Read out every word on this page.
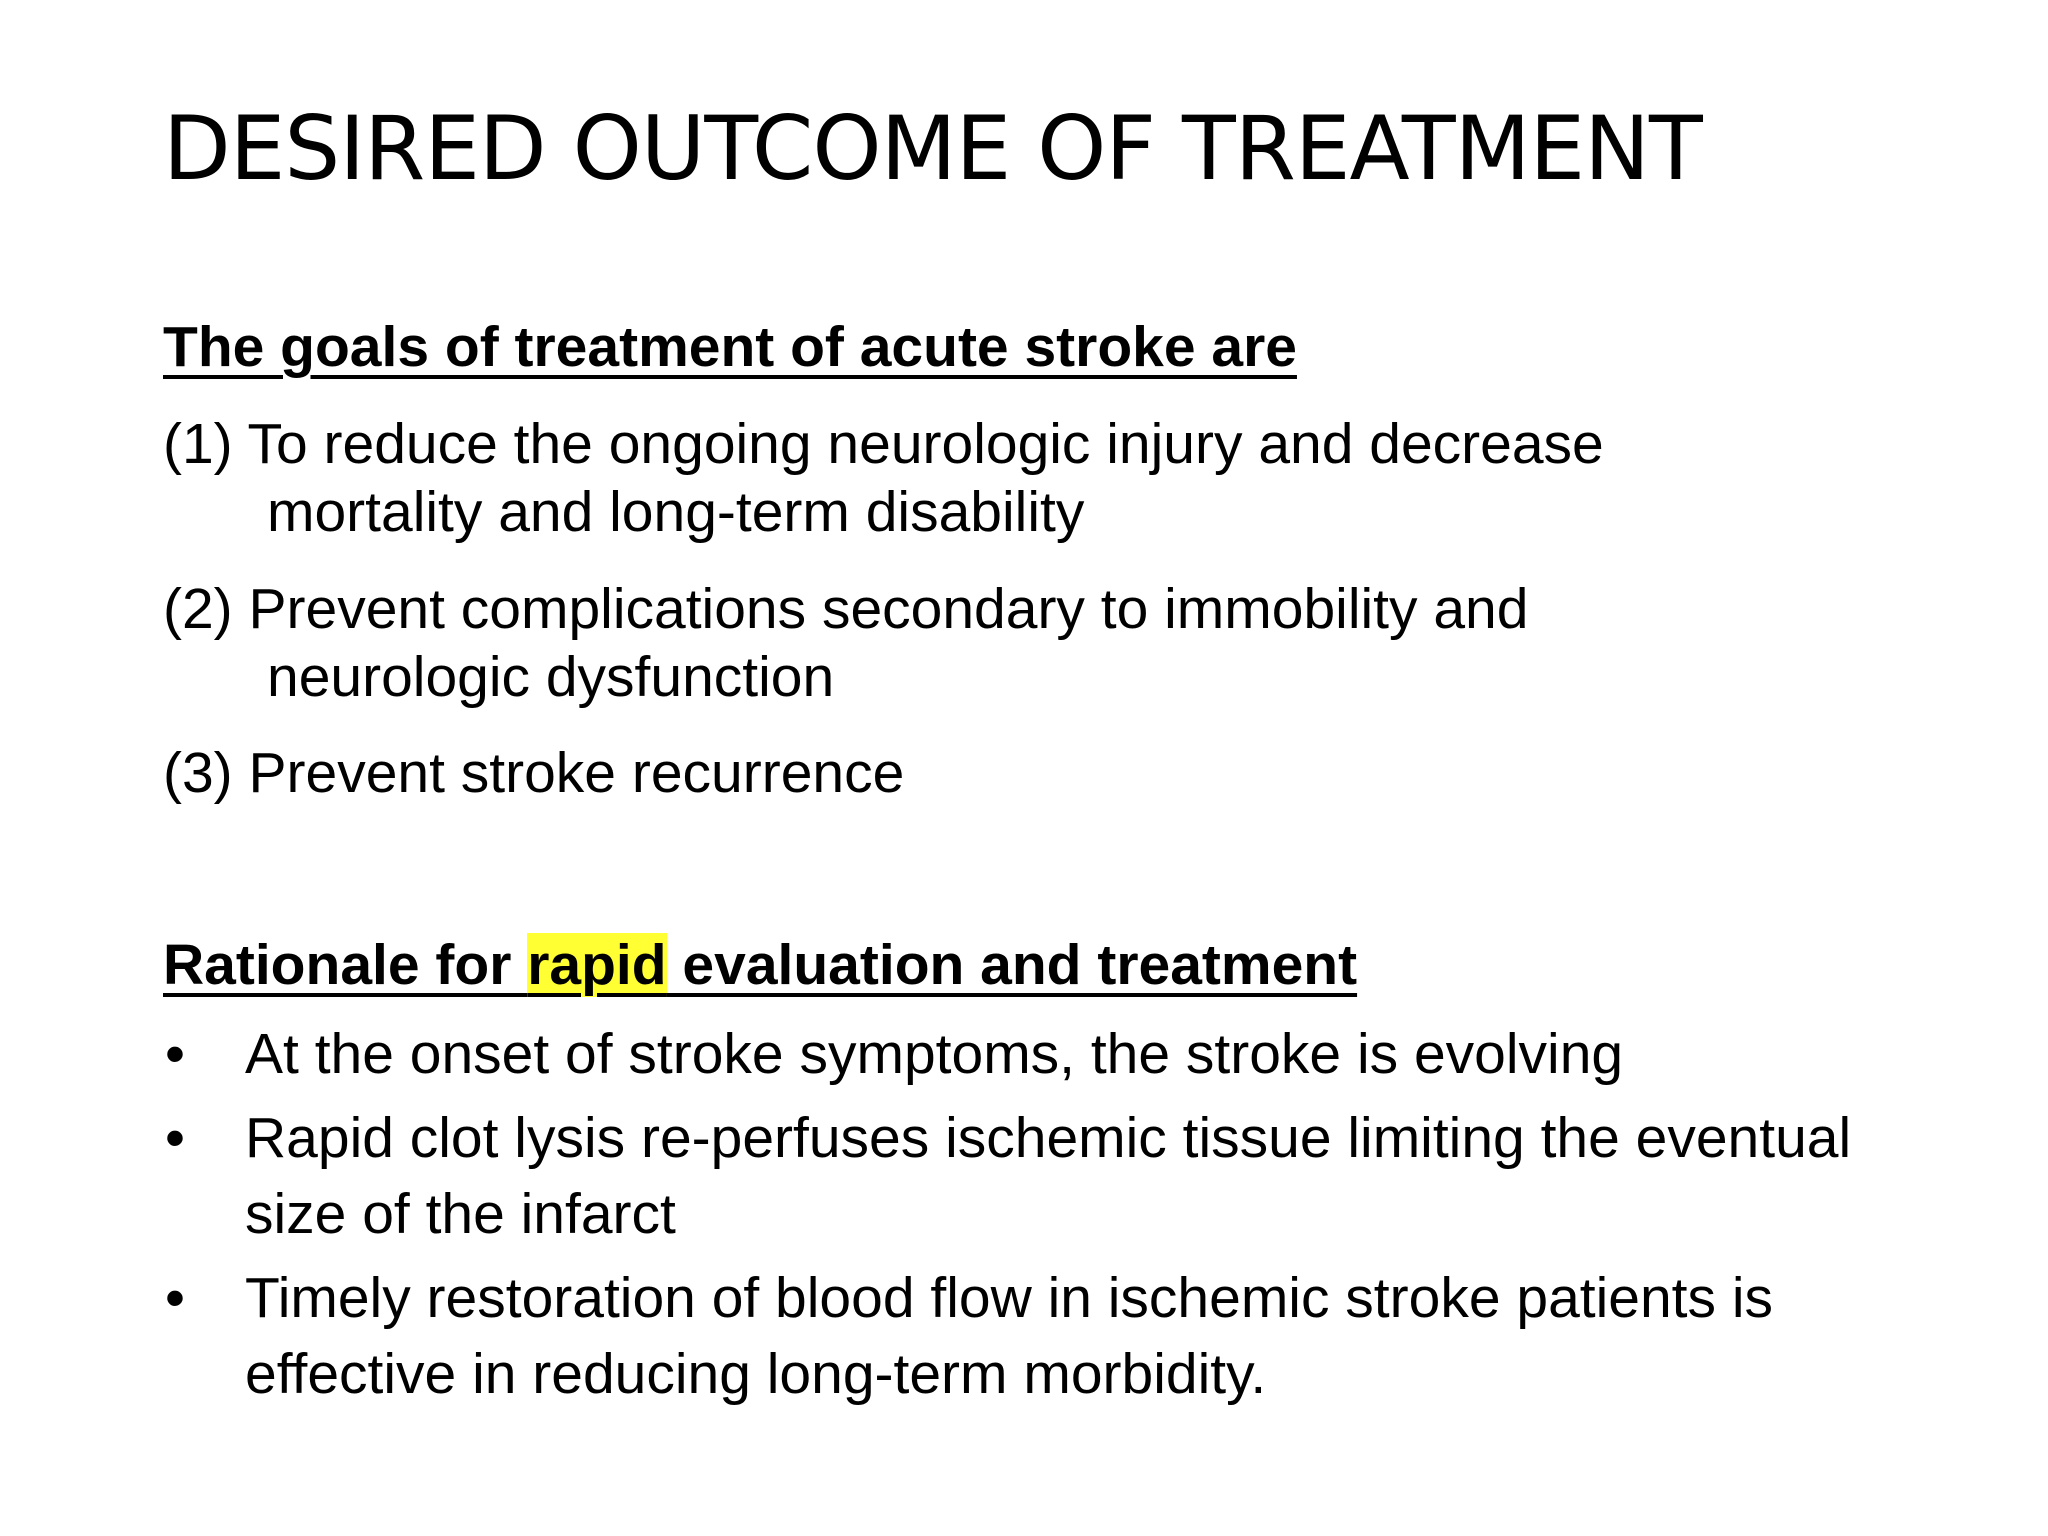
DESIRED OUTCOME OF TREATMENT
The goals of treatment of acute stroke are

(1) To reduce the ongoing neurologic injury and decrease
mortality and long-term disability

(2) Prevent complications secondary to immobility and
neurologic dysfunction

(3) Prevent stroke recurrence

Rationale for rapid evaluation and treatment
• At the onset of stroke symptoms, the stroke is evolving
• Rapid clot lysis re-perfuses ischemic tissue limiting the eventual size of the infarct
• Timely restoration of blood flow in ischemic stroke patients is effective in reducing long-term morbidity.
